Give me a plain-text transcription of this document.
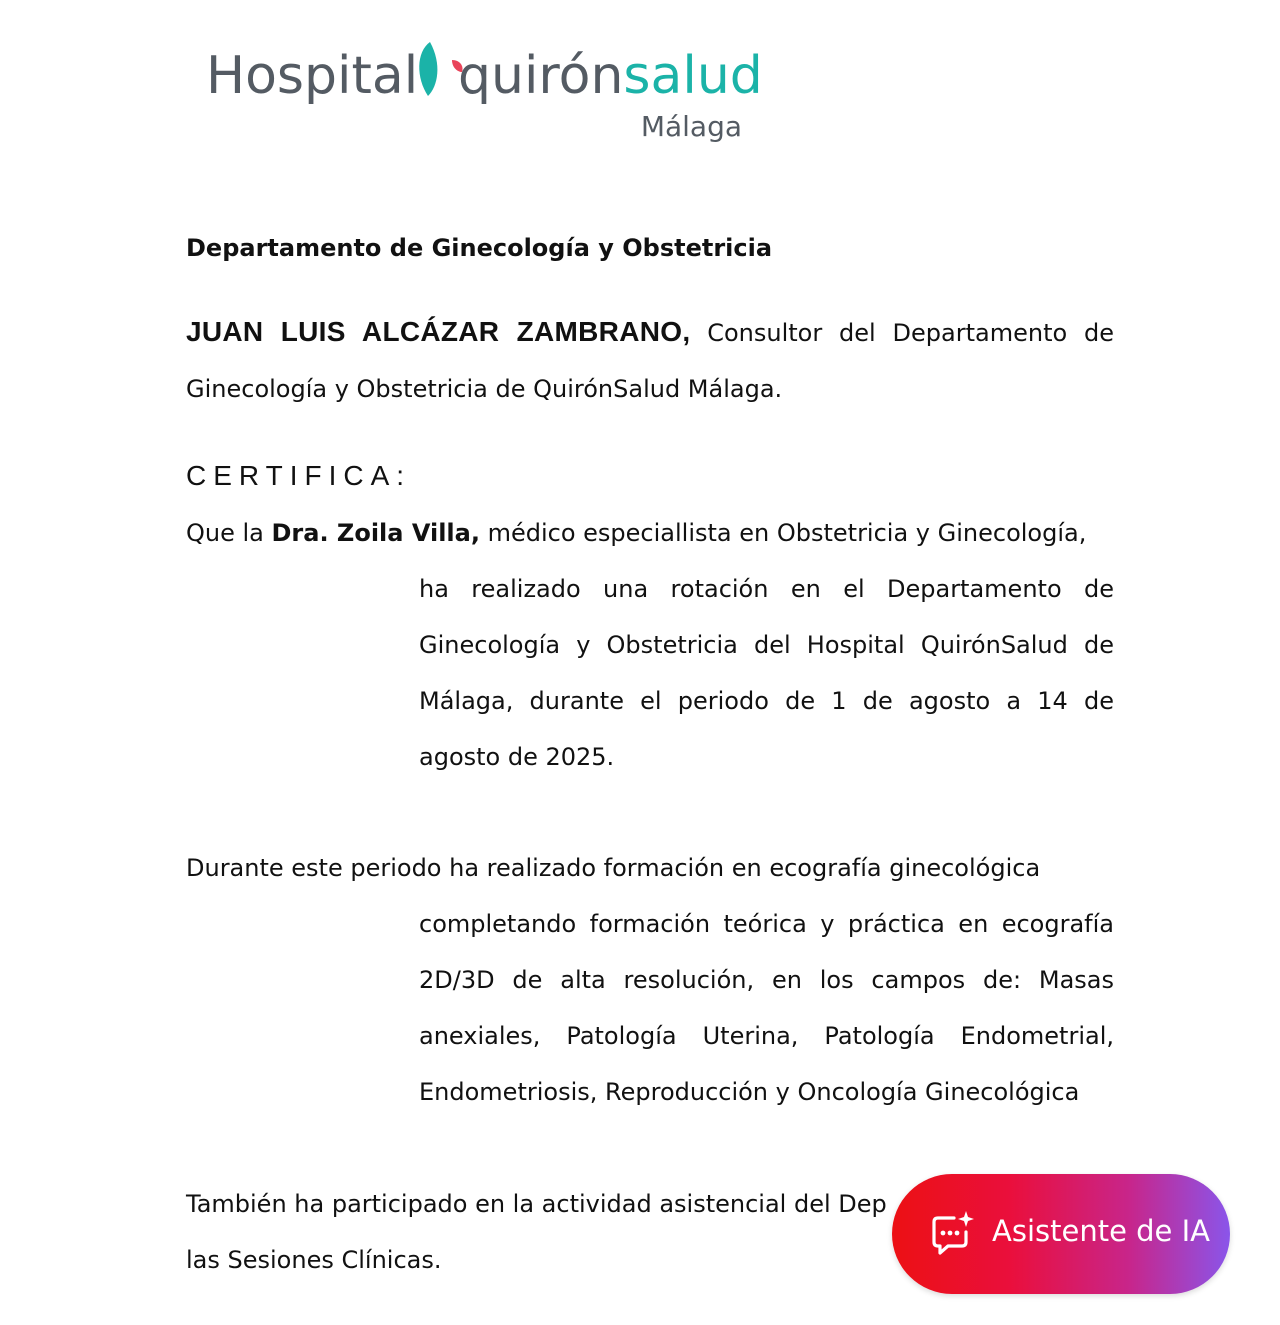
Hospital quirónsalud
Málaga
Departamento de Ginecología y Obstetricia
JUAN LUIS ALCÁZAR ZAMBRANO, Consultor del Departamento de Ginecología y Obstetricia de QuirónSalud Málaga.
CERTIFICA:
Que la Dra. Zoila Villa, médico especiallista en Obstetricia y Ginecología,
ha realizado una rotación en el Departamento de Ginecología y Obstetricia del Hospital QuirónSalud de Málaga, durante el periodo de 1 de agosto a 14 de agosto de 2025.
Durante este periodo ha realizado formación en ecografía ginecológica
completando formación teórica y práctica en ecografía 2D/3D de alta resolución, en los campos de: Masas anexiales, Patología Uterina, Patología Endometrial, Endometriosis, Reproducción y Oncología Ginecológica
También ha participado en la actividad asistencial del Dep
las Sesiones Clínicas.
Asistente de IA
